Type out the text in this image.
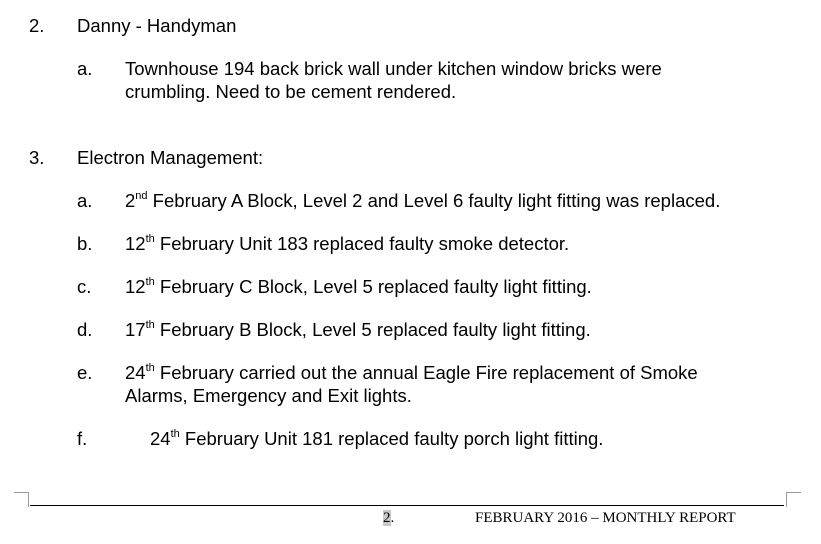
2. Danny - Handyman
a. Townhouse 194 back brick wall under kitchen window bricks were
crumbling. Need to be cement rendered.
3. Electron Management:
a. 2nd February A Block, Level 2 and Level 6 faulty light fitting was replaced.
b. 12th February Unit 183 replaced faulty smoke detector.
c. 12th February C Block, Level 5 replaced faulty light fitting.
d. 17th February B Block, Level 5 replaced faulty light fitting.
e. 24th February carried out the annual Eagle Fire replacement of Smoke
Alarms, Emergency and Exit lights.
f.	24th February Unit 181 replaced faulty porch light fitting.
2.	FEBRUARY 2016 – MONTHLY REPORT
